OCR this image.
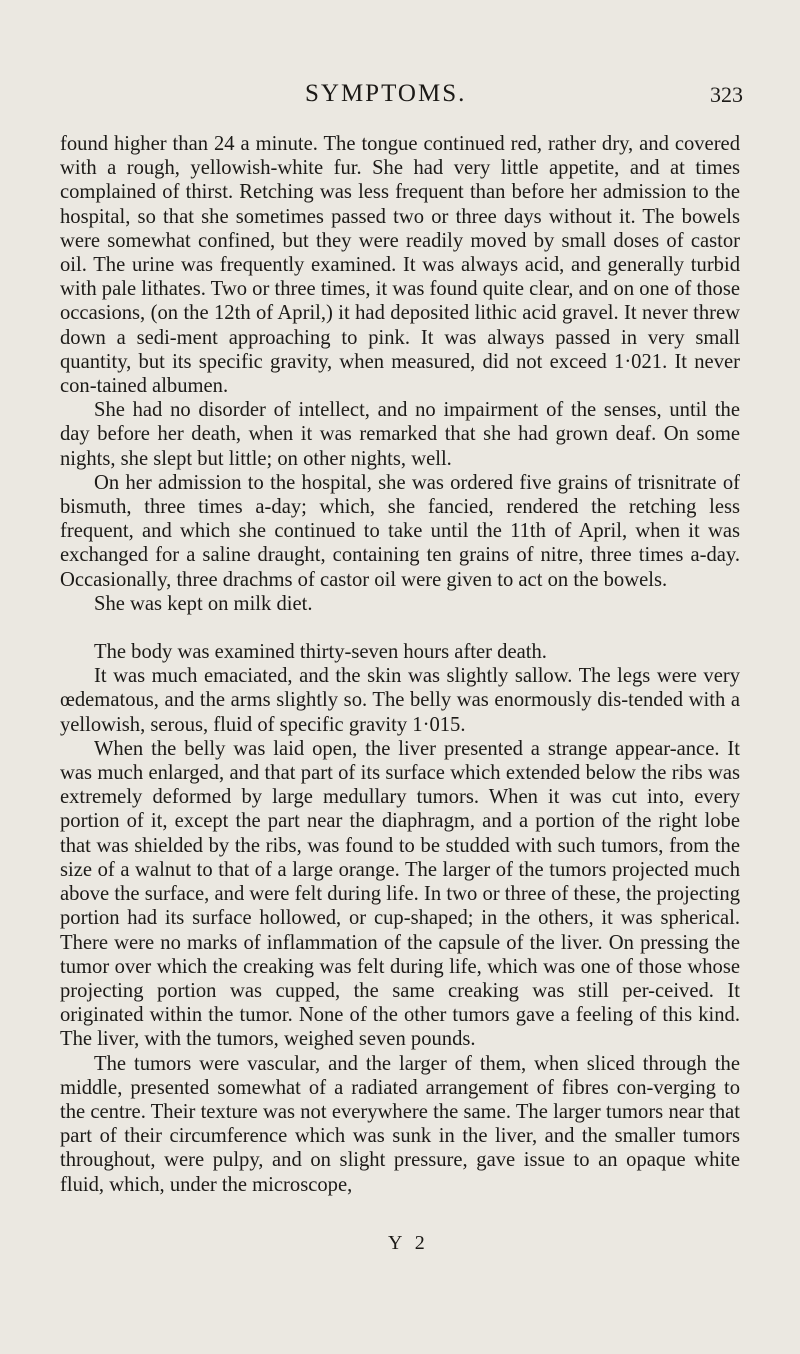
SYMPTOMS.	323

found higher than 24 a minute. The tongue continued red, rather dry, and covered with a rough, yellowish-white fur. She had very little appetite, and at times complained of thirst. Retching was less frequent than before her admission to the hospital, so that she sometimes passed two or three days without it. The bowels were somewhat confined, but they were readily moved by small doses of castor oil. The urine was frequently examined. It was always acid, and generally turbid with pale lithates. Two or three times, it was found quite clear, and on one of those occasions, (on the 12th of April,) it had deposited lithic acid gravel. It never threw down a sedi-ment approaching to pink. It was always passed in very small quantity, but its specific gravity, when measured, did not exceed 1·021. It never con-tained albumen.

She had no disorder of intellect, and no impairment of the senses, until the day before her death, when it was remarked that she had grown deaf. On some nights, she slept but little; on other nights, well.

On her admission to the hospital, she was ordered five grains of trisnitrate of bismuth, three times a-day; which, she fancied, rendered the retching less frequent, and which she continued to take until the 11th of April, when it was exchanged for a saline draught, containing ten grains of nitre, three times a-day. Occasionally, three drachms of castor oil were given to act on the bowels.

She was kept on milk diet.

The body was examined thirty-seven hours after death.

It was much emaciated, and the skin was slightly sallow. The legs were very œdematous, and the arms slightly so. The belly was enormously dis-tended with a yellowish, serous, fluid of specific gravity 1·015.

When the belly was laid open, the liver presented a strange appear-ance. It was much enlarged, and that part of its surface which extended below the ribs was extremely deformed by large medullary tumors. When it was cut into, every portion of it, except the part near the diaphragm, and a portion of the right lobe that was shielded by the ribs, was found to be studded with such tumors, from the size of a walnut to that of a large orange. The larger of the tumors projected much above the surface, and were felt during life. In two or three of these, the projecting portion had its surface hollowed, or cup-shaped; in the others, it was spherical. There were no marks of inflammation of the capsule of the liver. On pressing the tumor over which the creaking was felt during life, which was one of those whose projecting portion was cupped, the same creaking was still per-ceived. It originated within the tumor. None of the other tumors gave a feeling of this kind. The liver, with the tumors, weighed seven pounds.

The tumors were vascular, and the larger of them, when sliced through the middle, presented somewhat of a radiated arrangement of fibres con-verging to the centre. Their texture was not everywhere the same. The larger tumors near that part of their circumference which was sunk in the liver, and the smaller tumors throughout, were pulpy, and on slight pressure, gave issue to an opaque white fluid, which, under the microscope,

Y 2
